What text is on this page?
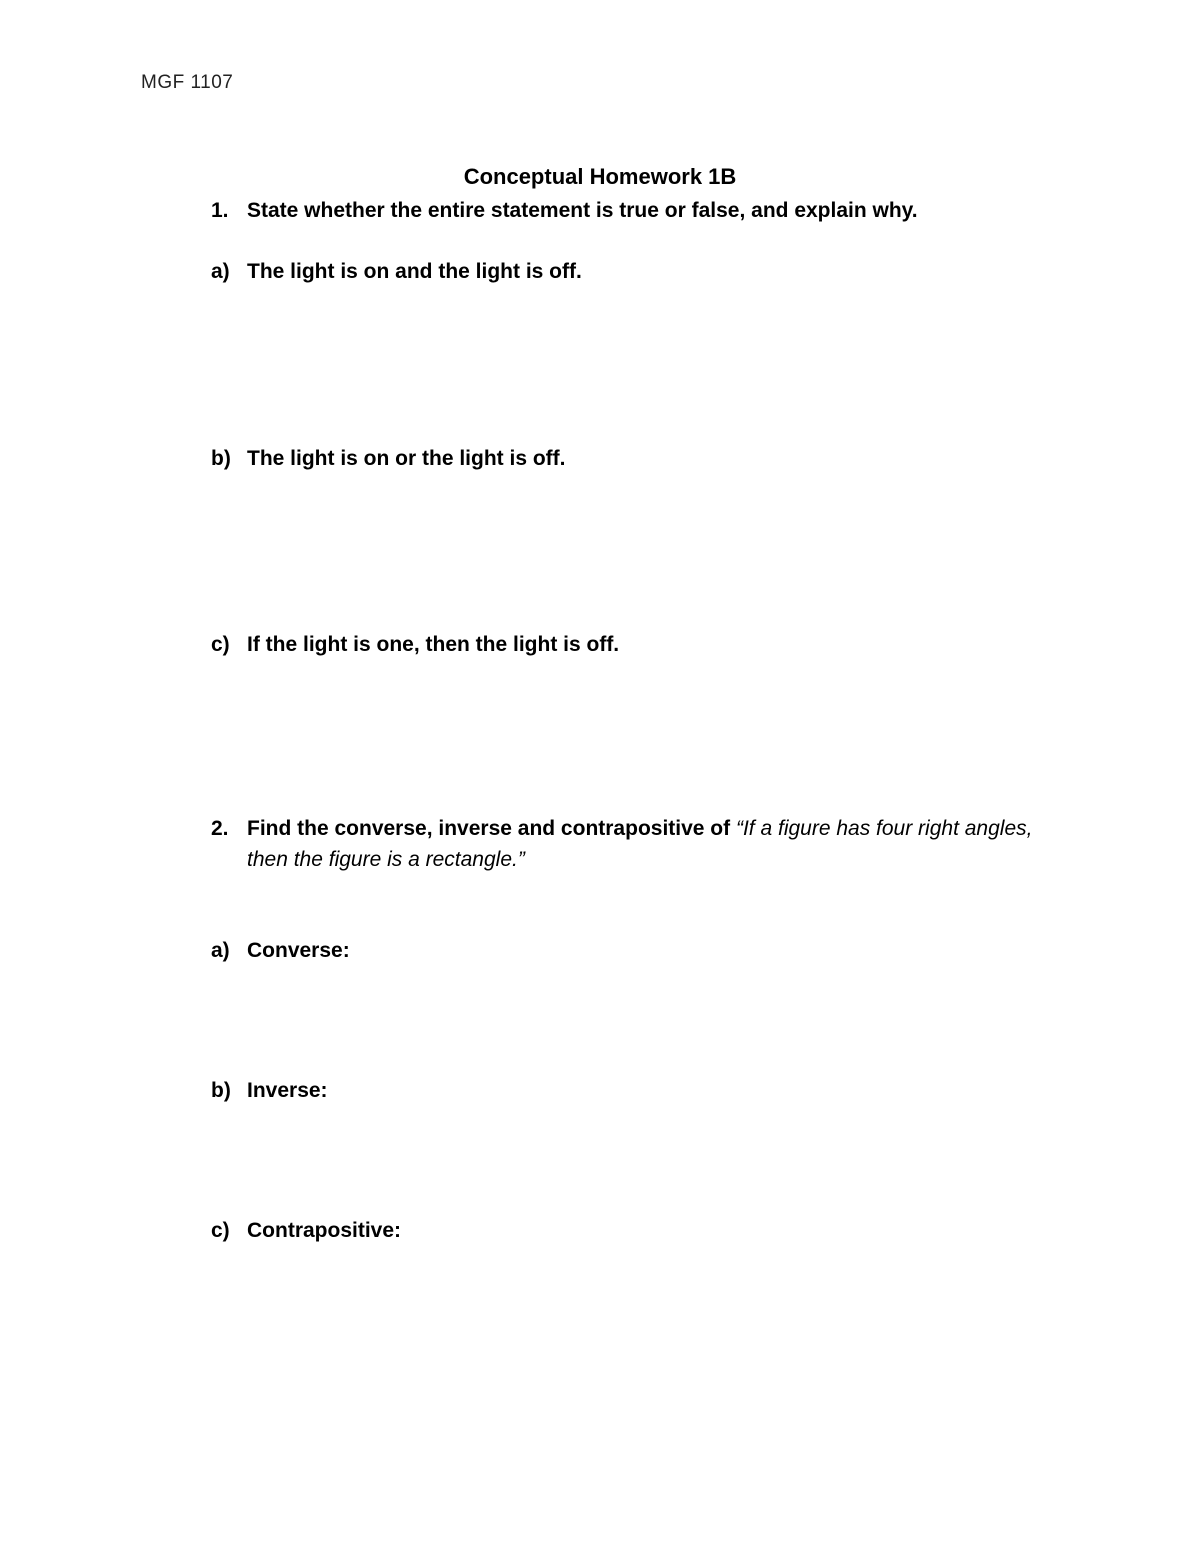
MGF 1107
Conceptual Homework 1B
1. State whether the entire statement is true or false, and explain why.
a) The light is on and the light is off.
b) The light is on or the light is off.
c) If the light is one, then the light is off.
2. Find the converse, inverse and contrapositive of “If a figure has four right angles,
then the figure is a rectangle.”
a) Converse:
b) Inverse:
c) Contrapositive:
